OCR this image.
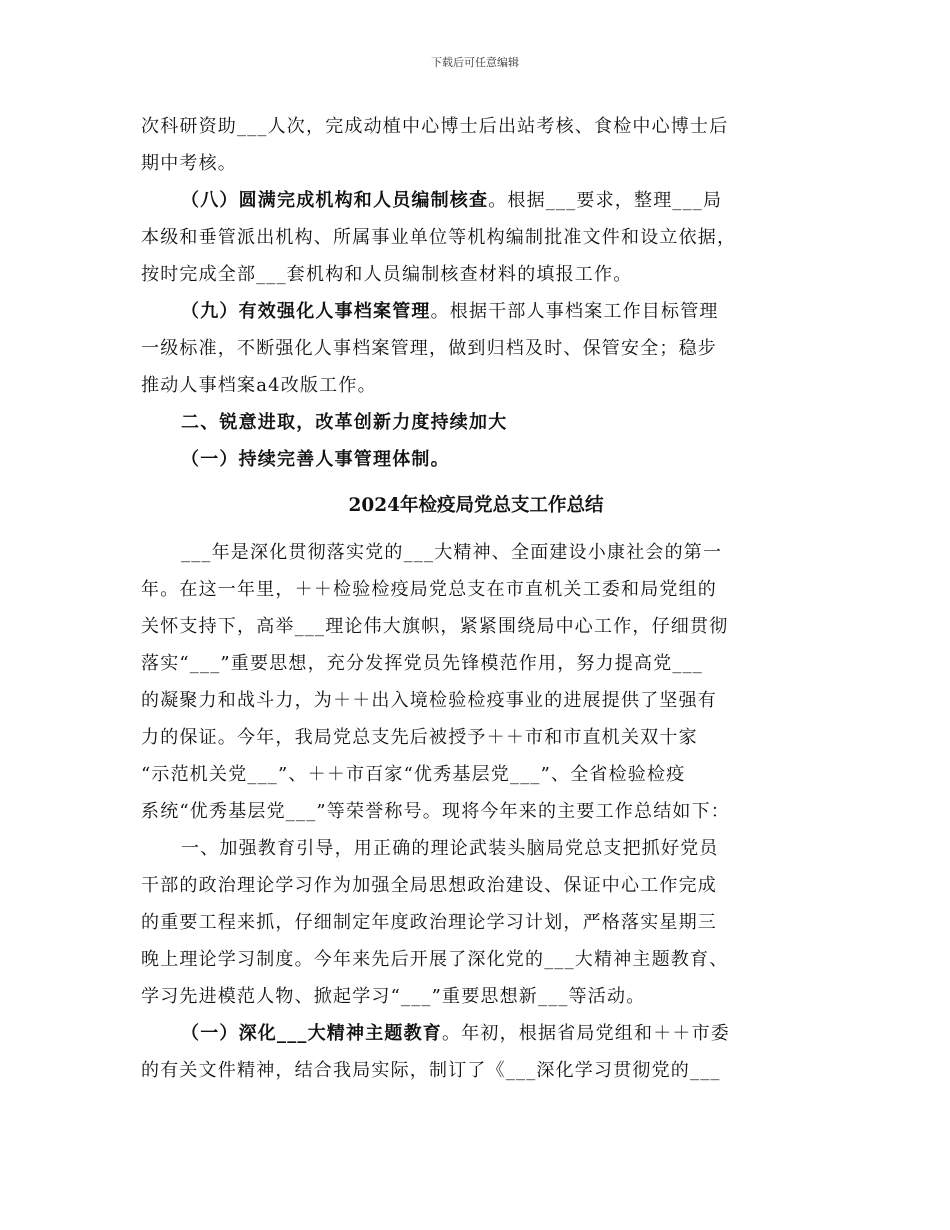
下载后可任意编辑
次科研资助___人次，完成动植中心博士后出站考核、食检中心博士后
期中考核。
（八）圆满完成机构和人员编制核查。根据___要求，整理___局
本级和垂管派出机构、所属事业单位等机构编制批准文件和设立依据，
按时完成全部___套机构和人员编制核查材料的填报工作。
（九）有效强化人事档案管理。根据干部人事档案工作目标管理
一级标准，不断强化人事档案管理，做到归档及时、保管安全；稳步
推动人事档案a4改版工作。
二、锐意进取，改革创新力度持续加大
（一）持续完善人事管理体制。
2024年检疫局党总支工作总结
___年是深化贯彻落实党的___大精神、全面建设小康社会的第一
年。在这一年里，＋＋检验检疫局党总支在市直机关工委和局党组的
关怀支持下，高举___理论伟大旗帜，紧紧围绕局中心工作，仔细贯彻
落实“___”重要思想，充分发挥党员先锋模范作用，努力提高党___
的凝聚力和战斗力，为＋＋出入境检验检疫事业的进展提供了坚强有
力的保证。今年，我局党总支先后被授予＋＋市和市直机关双十家
“示范机关党___”、＋＋市百家“优秀基层党___”、全省检验检疫
系统“优秀基层党___”等荣誉称号。现将今年来的主要工作总结如下：
一、加强教育引导，用正确的理论武装头脑局党总支把抓好党员
干部的政治理论学习作为加强全局思想政治建设、保证中心工作完成
的重要工程来抓，仔细制定年度政治理论学习计划，严格落实星期三
晚上理论学习制度。今年来先后开展了深化党的___大精神主题教育、
学习先进模范人物、掀起学习“___”重要思想新___等活动。
（一）深化___大精神主题教育。年初，根据省局党组和＋＋市委
的有关文件精神，结合我局实际，制订了《___深化学习贯彻党的___
